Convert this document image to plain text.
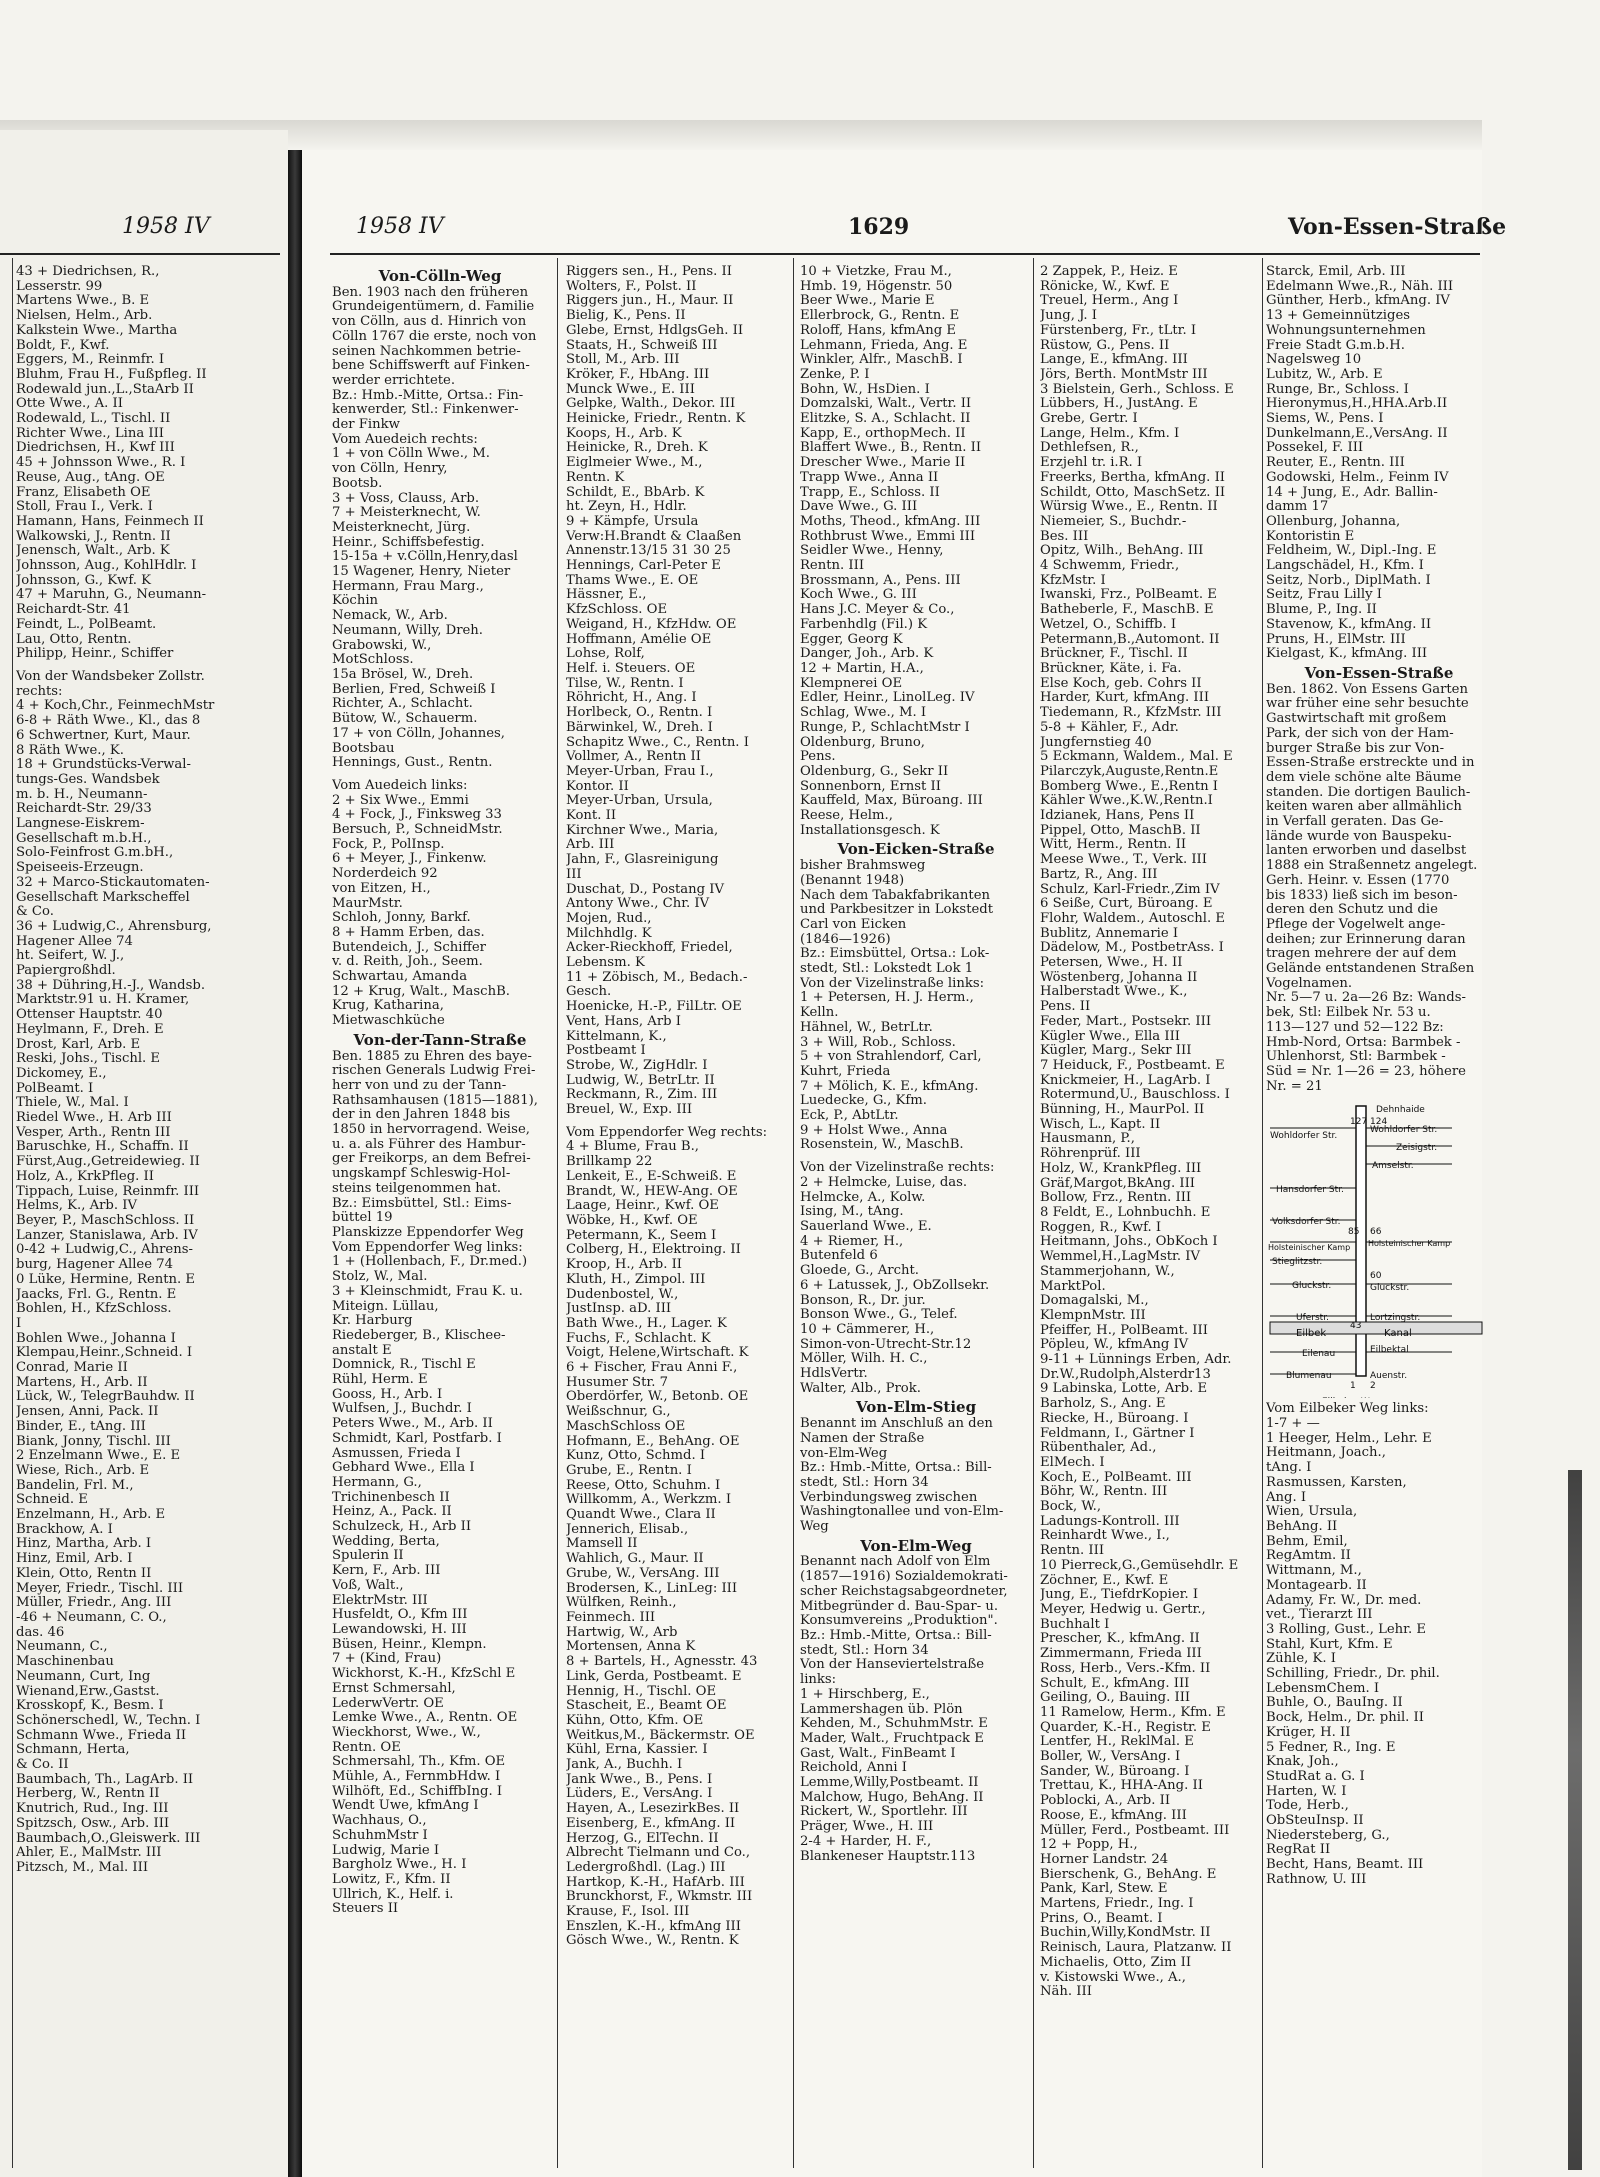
1958 IV	1958 IV	1629	Von-Essen-Straße
43 + Diedrichsen, R.,
Lesserstr. 99
Martens Wwe., B. E
Nielsen, Helm., Arb.
Kalkstein Wwe., Martha
Boldt, F., Kwf.
Eggers, M., Reinmfr. I
Bluhm, Frau H., Fußpfleg. II
Rodewald jun.,L.,StaArb II
Otte Wwe., A. II
Rodewald, L., Tischl. II
Richter Wwe., Lina III
Diedrichsen, H., Kwf III
45 + Johnsson Wwe., R. I
Reuse, Aug., tAng. OE
Franz, Elisabeth OE
Stoll, Frau I., Verk. I
Hamann, Hans, Feinmech II
Walkowski, J., Rentn. II
Jenensch, Walt., Arb. K
Johnsson, Aug., KohlHdlr. I
Johnsson, G., Kwf. K
47 + Maruhn, G., Neumann-
Reichardt-Str. 41
Feindt, L., PolBeamt.
Lau, Otto, Rentn.
Philipp, Heinr., Schiffer
Von der Wandsbeker Zollstr.
rechts:
4 + Koch,Chr., FeinmechMstr
6-8 + Räth Wwe., Kl., das 8
6 Schwertner, Kurt, Maur.
8 Räth Wwe., K.
18 + Grundstücks-Verwal-
tungs-Ges. Wandsbek
m. b. H., Neumann-
Reichardt-Str. 29/33
Langnese-Eiskrem-
Gesellschaft m.b.H.,
Solo-Feinfrost G.m.bH.,
Speiseeis-Erzeugn.
32 + Marco-Stickautomaten-
Gesellschaft Markscheffel
& Co.
36 + Ludwig,C., Ahrensburg,
Hagener Allee 74
ht. Seifert, W. J.,
Papiergroßhdl.
38 + Dühring,H.-J., Wandsb.
Marktstr.91 u. H. Kramer,
Ottenser Hauptstr. 40
Heylmann, F., Dreh. E
Drost, Karl, Arb. E
Reski, Johs., Tischl. E
Dickomey, E.,
PolBeamt. I
Thiele, W., Mal. I
Riedel Wwe., H. Arb III
Vesper, Arth., Rentn III
Baruschke, H., Schaffn. II
Fürst,Aug.,Getreidewieg. II
Holz, A., KrkPfleg. II
Tippach, Luise, Reinmfr. III
Helms, K., Arb. IV
Beyer, P., MaschSchloss. II
Lanzer, Stanislawa, Arb. IV
0-42 + Ludwig,C., Ahrens-
burg, Hagener Allee 74
0 Lüke, Hermine, Rentn. E
Jaacks, Frl. G., Rentn. E
Bohlen, H., KfzSchloss.
I
Bohlen Wwe., Johanna I
Klempau,Heinr.,Schneid. I
Conrad, Marie II
Martens, H., Arb. II
Lück, W., TelegrBauhdw. II
Jensen, Anni, Pack. II
Binder, E., tAng. III
Biank, Jonny, Tischl. III
2 Enzelmann Wwe., E. E
Wiese, Rich., Arb. E
Bandelin, Frl. M.,
Schneid. E
Enzelmann, H., Arb. E
Brackhow, A. I
Hinz, Martha, Arb. I
Hinz, Emil, Arb. I
Klein, Otto, Rentn II
Meyer, Friedr., Tischl. III
Müller, Friedr., Ang. III
-46 + Neumann, C. O.,
das. 46
Neumann, C.,
Maschinenbau
Neumann, Curt, Ing
Wienand,Erw.,Gastst.
Krosskopf, K., Besm. I
Schönerschedl, W., Techn. I
Schmann Wwe., Frieda II
Schmann, Herta,
& Co. II
Baumbach, Th., LagArb. II
Herberg, W., Rentn II
Knutrich, Rud., Ing. III
Spitzsch, Osw., Arb. III
Baumbach,O.,Gleiswerk. III
Ahler, E., MalMstr. III
Pitzsch, M., Mal. III
Von-Cölln-Weg
Ben. 1903 nach den früheren
Grundeigentümern, d. Familie
von Cölln, aus d. Hinrich von
Cölln 1767 die erste, noch von
seinen Nachkommen betrie-
bene Schiffswerft auf Finken-
werder errichtete.
Bz.: Hmb.-Mitte, Ortsa.: Fin-
kenwerder, Stl.: Finkenwer-
der Finkw
Vom Auedeich rechts:
1 + von Cölln Wwe., M.
von Cölln, Henry,
Bootsb.
3 + Voss, Clauss, Arb.
7 + Meisterknecht, W.
Meisterknecht, Jürg.
Heinr., Schiffsbefestig.
15-15a + v.Cölln,Henry,dasl
15 Wagener, Henry, Nieter
Hermann, Frau Marg.,
Köchin
Nemack, W., Arb.
Neumann, Willy, Dreh.
Grabowski, W.,
MotSchloss.
15a Brösel, W., Dreh.
Berlien, Fred, Schweiß I
Richter, A., Schlacht.
Bütow, W., Schauerm.
17 + von Cölln, Johannes,
Bootsbau
Hennings, Gust., Rentn.
Vom Auedeich links:
2 + Six Wwe., Emmi
4 + Fock, J., Finksweg 33
Bersuch, P., SchneidMstr.
Fock, P., PolInsp.
6 + Meyer, J., Finkenw.
Norderdeich 92
von Eitzen, H.,
MaurMstr.
Schloh, Jonny, Barkf.
8 + Hamm Erben, das.
Butendeich, J., Schiffer
v. d. Reith, Joh., Seem.
Schwartau, Amanda
12 + Krug, Walt., MaschB.
Krug, Katharina,
Mietwaschküche
Von-der-Tann-Straße
Ben. 1885 zu Ehren des baye-
rischen Generals Ludwig Frei-
herr von und zu der Tann-
Rathsamhausen (1815—1881),
der in den Jahren 1848 bis
1850 in hervorragend. Weise,
u. a. als Führer des Hambur-
ger Freikorps, an dem Befrei-
ungskampf Schleswig-Hol-
steins teilgenommen hat.
Bz.: Eimsbüttel, Stl.: Eims-
büttel 19
Planskizze Eppendorfer Weg
Vom Eppendorfer Weg links:
1 + (Hollenbach, F., Dr.med.)
Stolz, W., Mal.
3 + Kleinschmidt, Frau K. u.
Miteign. Lüllau,
Kr. Harburg
Riedeberger, B., Klischee-
anstalt E
Domnick, R., Tischl E
Rühl, Herm. E
Gooss, H., Arb. I
Wulfsen, J., Buchdr. I
Peters Wwe., M., Arb. II
Schmidt, Karl, Postfarb. I
Asmussen, Frieda I
Gebhard Wwe., Ella I
Hermann, G.,
Trichinenbesch II
Heinz, A., Pack. II
Schulzeck, H., Arb II
Wedding, Berta,
Spulerin II
Kern, F., Arb. III
Voß, Walt.,
ElektrMstr. III
Husfeldt, O., Kfm III
Lewandowski, H. III
Büsen, Heinr., Klempn.
7 + (Kind, Frau)
Wickhorst, K.-H., KfzSchl E
Ernst Schmersahl,
LederwVertr. OE
Lemke Wwe., A., Rentn. OE
Wieckhorst, Wwe., W.,
Rentn. OE
Schmersahl, Th., Kfm. OE
Mühle, A., FernmbHdw. I
Wilhöft, Ed., SchiffbIng. I
Wendt Uwe, kfmAng I
Wachhaus, O.,
SchuhmMstr I
Ludwig, Marie I
Bargholz Wwe., H. I
Lowitz, F., Kfm. II
Ullrich, K., Helf. i.
Steuers II
Riggers sen., H., Pens. II
Wolters, F., Polst. II
Riggers jun., H., Maur. II
Bielig, K., Pens. II
Glebe, Ernst, HdlgsGeh. II
Staats, H., Schweiß III
Stoll, M., Arb. III
Kröker, F., HbAng. III
Munck Wwe., E. III
Gelpke, Walth., Dekor. III
Heinicke, Friedr., Rentn. K
Koops, H., Arb. K
Heinicke, R., Dreh. K
Eiglmeier Wwe., M.,
Rentn. K
Schildt, E., BbArb. K
ht. Zeyn, H., Hdlr.
9 + Kämpfe, Ursula
Verw:H.Brandt & Claaßen
Annenstr.13/15 31 30 25
Hennings, Carl-Peter E
Thams Wwe., E. OE
Hässner, E.,
KfzSchloss. OE
Weigand, H., KfzHdw. OE
Hoffmann, Amélie OE
Lohse, Rolf,
Helf. i. Steuers. OE
Tilse, W., Rentn. I
Röhricht, H., Ang. I
Horlbeck, O., Rentn. I
Bärwinkel, W., Dreh. I
Schapitz Wwe., C., Rentn. I
Vollmer, A., Rentn II
Meyer-Urban, Frau I.,
Kontor. II
Meyer-Urban, Ursula,
Kont. II
Kirchner Wwe., Maria,
Arb. III
Jahn, F., Glasreinigung
III
Duschat, D., Postang IV
Antony Wwe., Chr. IV
Mojen, Rud.,
Milchhdlg. K
Acker-Rieckhoff, Friedel,
Lebensm. K
11 + Zöbisch, M., Bedach.-
Gesch.
Hoenicke, H.-P., FilLtr. OE
Vent, Hans, Arb I
Kittelmann, K.,
Postbeamt I
Strobe, W., ZigHdlr. I
Ludwig, W., BetrLtr. II
Reckmann, R., Zim. III
Breuel, W., Exp. III
Vom Eppendorfer Weg rechts:
4 + Blume, Frau B.,
Brillkamp 22
Lenkeit, E., E-Schweiß. E
Brandt, W., HEW-Ang. OE
Laage, Heinr., Kwf. OE
Wöbke, H., Kwf. OE
Petermann, K., Seem I
Colberg, H., Elektroing. II
Kroop, H., Arb. II
Kluth, H., Zimpol. III
Dudenbostel, W.,
JustInsp. aD. III
Bath Wwe., H., Lager. K
Fuchs, F., Schlacht. K
Voigt, Helene,Wirtschaft. K
6 + Fischer, Frau Anni F.,
Husumer Str. 7
Oberdörfer, W., Betonb. OE
Weißschnur, G.,
MaschSchloss OE
Hofmann, E., BehAng. OE
Kunz, Otto, Schmd. I
Grube, E., Rentn. I
Reese, Otto, Schuhm. I
Willkomm, A., Werkzm. I
Quandt Wwe., Clara II
Jennerich, Elisab.,
Mamsell II
Wahlich, G., Maur. II
Grube, W., VersAng. III
Brodersen, K., LinLeg: III
Wülfken, Reinh.,
Feinmech. III
Hartwig, W., Arb
Mortensen, Anna K
8 + Bartels, H., Agnesstr. 43
Link, Gerda, Postbeamt. E
Hennig, H., Tischl. OE
Stascheit, E., Beamt OE
Kühn, Otto, Kfm. OE
Weitkus,M., Bäckermstr. OE
Kühl, Erna, Kassier. I
Jank, A., Buchh. I
Jank Wwe., B., Pens. I
Lüders, E., VersAng. I
Hayen, A., LesezirkBes. II
Eisenberg, E., kfmAng. II
Herzog, G., ElTechn. II
Albrecht Tielmann und Co.,
Ledergroßhdl. (Lag.) III
Hartkop, K.-H., HafArb. III
Brunckhorst, F., Wkmstr. III
Krause, F., Isol. III
Enszlen, K.-H., kfmAng III
Gösch Wwe., W., Rentn. K
10 + Vietzke, Frau M.,
Hmb. 19, Högenstr. 50
Beer Wwe., Marie E
Ellerbrock, G., Rentn. E
Roloff, Hans, kfmAng E
Lehmann, Frieda, Ang. E
Winkler, Alfr., MaschB. I
Zenke, P. I
Bohn, W., HsDien. I
Domzalski, Walt., Vertr. II
Elitzke, S. A., Schlacht. II
Kapp, E., orthopMech. II
Blaffert Wwe., B., Rentn. II
Drescher Wwe., Marie II
Trapp Wwe., Anna II
Trapp, E., Schloss. II
Dave Wwe., G. III
Moths, Theod., kfmAng. III
Rothbrust Wwe., Emmi III
Seidler Wwe., Henny,
Rentn. III
Brossmann, A., Pens. III
Koch Wwe., G. III
Hans J.C. Meyer & Co.,
Farbenhdlg (Fil.) K
Egger, Georg K
Danger, Joh., Arb. K
12 + Martin, H.A.,
Klempnerei OE
Edler, Heinr., LinolLeg. IV
Schlag, Wwe., M. I
Runge, P., SchlachtMstr I
Oldenburg, Bruno,
Pens.
Oldenburg, G., Sekr II
Sonnenborn, Ernst II
Kauffeld, Max, Büroang. III
Reese, Helm.,
Installationsgesch. K
Von-Eicken-Straße
bisher Brahmsweg
(Benannt 1948)
Nach dem Tabakfabrikanten
und Parkbesitzer in Lokstedt
Carl von Eicken
(1846—1926)
Bz.: Eimsbüttel, Ortsa.: Lok-
stedt, Stl.: Lokstedt Lok 1
Von der Vizelinstraße links:
1 + Petersen, H. J. Herm.,
Kelln.
Hähnel, W., BetrLtr.
3 + Will, Rob., Schloss.
5 + von Strahlendorf, Carl,
Kuhrt, Frieda
7 + Mölich, K. E., kfmAng.
Luedecke, G., Kfm.
Eck, P., AbtLtr.
9 + Holst Wwe., Anna
Rosenstein, W., MaschB.
Von der Vizelinstraße rechts:
2 + Helmcke, Luise, das.
Helmcke, A., Kolw.
Ising, M., tAng.
Sauerland Wwe., E.
4 + Riemer, H.,
Butenfeld 6
Gloede, G., Archt.
6 + Latussek, J., ObZollsekr.
Bonson, R., Dr. jur.
Bonson Wwe., G., Telef.
10 + Cämmerer, H.,
Simon-von-Utrecht-Str.12
Möller, Wilh. H. C.,
HdlsVertr.
Walter, Alb., Prok.
Von-Elm-Stieg
Benannt im Anschluß an den
Namen der Straße
von-Elm-Weg
Bz.: Hmb.-Mitte, Ortsa.: Bill-
stedt, Stl.: Horn 34
Verbindungsweg zwischen
Washingtonallee und von-Elm-
Weg
Von-Elm-Weg
Benannt nach Adolf von Elm
(1857—1916) Sozialdemokrati-
scher Reichstagsabgeordneter,
Mitbegründer d. Bau-Spar- u.
Konsumvereins „Produktion".
Bz.: Hmb.-Mitte, Ortsa.: Bill-
stedt, Stl.: Horn 34
Von der Hanseviertelstraße
links:
1 + Hirschberg, E.,
Lammershagen üb. Plön
Kehden, M., SchuhmMstr. E
Mader, Walt., Fruchtpack E
Gast, Walt., FinBeamt I
Reichold, Anni I
Lemme,Willy,Postbeamt. II
Malchow, Hugo, BehAng. II
Rickert, W., Sportlehr. III
Präger, Wwe., H. III
2-4 + Harder, H. F.,
Blankeneser Hauptstr.113
2 Zappek, P., Heiz. E
Rönicke, W., Kwf. E
Treuel, Herm., Ang I
Jung, J. I
Fürstenberg, Fr., tLtr. I
Rüstow, G., Pens. II
Lange, E., kfmAng. III
Jörs, Berth. MontMstr III
3 Bielstein, Gerh., Schloss. E
Lübbers, H., JustAng. E
Grebe, Gertr. I
Lange, Helm., Kfm. I
Dethlefsen, R.,
Erzjehl tr. i.R. I
Freerks, Bertha, kfmAng. II
Schildt, Otto, MaschSetz. II
Würsig Wwe., E., Rentn. II
Niemeier, S., Buchdr.-
Bes. III
Opitz, Wilh., BehAng. III
4 Schwemm, Friedr.,
KfzMstr. I
Iwanski, Frz., PolBeamt. E
Batheberle, F., MaschB. E
Wetzel, O., Schiffb. I
Petermann,B.,Automont. II
Brückner, F., Tischl. II
Brückner, Käte, i. Fa.
Else Koch, geb. Cohrs II
Harder, Kurt, kfmAng. III
Tiedemann, R., KfzMstr. III
5-8 + Kähler, F., Adr.
Jungfernstieg 40
5 Eckmann, Waldem., Mal. E
Pilarczyk,Auguste,Rentn.E
Bomberg Wwe., E.,Rentn I
Kähler Wwe.,K.W.,Rentn.I
Idzianek, Hans, Pens II
Pippel, Otto, MaschB. II
Witt, Herm., Rentn. II
Meese Wwe., T., Verk. III
Bartz, R., Ang. III
Schulz, Karl-Friedr.,Zim IV
6 Seiße, Curt, Büroang. E
Flohr, Waldem., Autoschl. E
Bublitz, Annemarie I
Dädelow, M., PostbetrAss. I
Petersen, Wwe., H. II
Wöstenberg, Johanna II
Halberstadt Wwe., K.,
Pens. II
Feder, Mart., Postsekr. III
Kügler Wwe., Ella III
Kügler, Marg., Sekr III
7 Heiduck, F., Postbeamt. E
Knickmeier, H., LagArb. I
Rotermund,U., Bauschloss. I
Bünning, H., MaurPol. II
Wisch, L., Kapt. II
Hausmann, P.,
Röhrenprüf. III
Holz, W., KrankPfleg. III
Gräf,Margot,BkAng. III
Bollow, Frz., Rentn. III
8 Feldt, E., Lohnbuchh. E
Roggen, R., Kwf. I
Heitmann, Johs., ObKoch I
Wemmel,H.,LagMstr. IV
Stammerjohann, W.,
MarktPol.
Domagalski, M.,
KlempnMstr. III
Pfeiffer, H., PolBeamt. III
Pöpleu, W., kfmAng IV
9-11 + Lünnings Erben, Adr.
Dr.W.,Rudolph,Alsterdr13
9 Labinska, Lotte, Arb. E
Barholz, S., Ang. E
Riecke, H., Büroang. I
Feldmann, I., Gärtner I
Rübenthaler, Ad.,
ElMech. I
Koch, E., PolBeamt. III
Böhr, W., Rentn. III
Bock, W.,
Ladungs-Kontroll. III
Reinhardt Wwe., I.,
Rentn. III
10 Pierreck,G.,Gemüsehdlr. E
Zöchner, E., Kwf. E
Jung, E., TiefdrKopier. I
Meyer, Hedwig u. Gertr.,
Buchhalt I
Prescher, K., kfmAng. II
Zimmermann, Frieda III
Ross, Herb., Vers.-Kfm. II
Schult, E., kfmAng. III
Geiling, O., Bauing. III
11 Ramelow, Herm., Kfm. E
Quarder, K.-H., Registr. E
Lentfer, H., ReklMal. E
Boller, W., VersAng. I
Sander, W., Büroang. I
Trettau, K., HHA-Ang. II
Poblocki, A., Arb. II
Roose, E., kfmAng. III
Müller, Ferd., Postbeamt. III
12 + Popp, H.,
Horner Landstr. 24
Bierschenk, G., BehAng. E
Pank, Karl, Stew. E
Martens, Friedr., Ing. I
Prins, O., Beamt. I
Buchin,Willy,KondMstr. II
Reinisch, Laura, Platzanw. II
Michaelis, Otto, Zim II
v. Kistowski Wwe., A.,
Näh. III
Starck, Emil, Arb. III
Edelmann Wwe.,R., Näh. III
Günther, Herb., kfmAng. IV
13 + Gemeinnütziges
Wohnungsunternehmen
Freie Stadt G.m.b.H.
Nagelsweg 10
Lubitz, W., Arb. E
Runge, Br., Schloss. I
Hieronymus,H.,HHA.Arb.II
Siems, W., Pens. I
Dunkelmann,E.,VersAng. II
Possekel, F. III
Reuter, E., Rentn. III
Godowski, Helm., Feinm IV
14 + Jung, E., Adr. Ballin-
damm 17
Ollenburg, Johanna,
Kontoristin E
Feldheim, W., Dipl.-Ing. E
Langschädel, H., Kfm. I
Seitz, Norb., DiplMath. I
Seitz, Frau Lilly I
Blume, P., Ing. II
Stavenow, K., kfmAng. II
Pruns, H., ElMstr. III
Kielgast, K., kfmAng. III
Von-Essen-Straße
Ben. 1862. Von Essens Garten
war früher eine sehr besuchte
Gastwirtschaft mit großem
Park, der sich von der Ham-
burger Straße bis zur Von-
Essen-Straße erstreckte und in
dem viele schöne alte Bäume
standen. Die dortigen Baulich-
keiten waren aber allmählich
in Verfall geraten. Das Ge-
lände wurde von Bauspeku-
lanten erworben und daselbst
1888 ein Straßennetz angelegt.
Gerh. Heinr. v. Essen (1770
bis 1833) ließ sich im beson-
deren den Schutz und die
Pflege der Vogelwelt ange-
deihen; zur Erinnerung daran
tragen mehrere der auf dem
Gelände entstandenen Straßen
Vogelnamen.
Nr. 5—7 u. 2a—26 Bz: Wands-
bek, Stl: Eilbek Nr. 53 u.
113—127 und 52—122 Bz:
Hmb-Nord, Ortsa: Barmbek -
Uhlenhorst, Stl: Barmbek -
Süd = Nr. 1—26 = 23, höhere
Nr. = 21
Dehnhaide
127 124
Wohldorfer Str.
Wohldorfer Str.
Zeisigstr.
Amselstr.
Hansdorfer Str.
Volksdorfer Str.
85 66
Holsteinischer Kamp Holsteinischer Kamp
Stieglitzstr.
Gluckstr.
60
Gluckstr.
Uferstr.	Lortzingstr.
43
Eilbek	Kanal
Eilenau	Eilbektal
Blumenau
1 2
Auenstr.
Vom Eilbeker Weg links:
1-7 + —
1 Heeger, Helm., Lehr. E
Heitmann, Joach.,
tAng. I
Rasmussen, Karsten,
Ang. I
Wien, Ursula,
BehAng. II
Behm, Emil,
RegAmtm. II
Wittmann, M.,
Montagearb. II
Adamy, Fr. W., Dr. med.
vet., Tierarzt III
3 Rolling, Gust., Lehr. E
Stahl, Kurt, Kfm. E
Zühle, K. I
Schilling, Friedr., Dr. phil.
LebensmChem. I
Buhle, O., BauIng. II
Bock, Helm., Dr. phil. II
Krüger, H. II
5 Fedner, R., Ing. E
Knak, Joh.,
StudRat a. G. I
Harten, W. I
Tode, Herb.,
ObSteuInsp. II
Niedersteberg, G.,
RegRat II
Becht, Hans, Beamt. III
Rathnow, U. III
